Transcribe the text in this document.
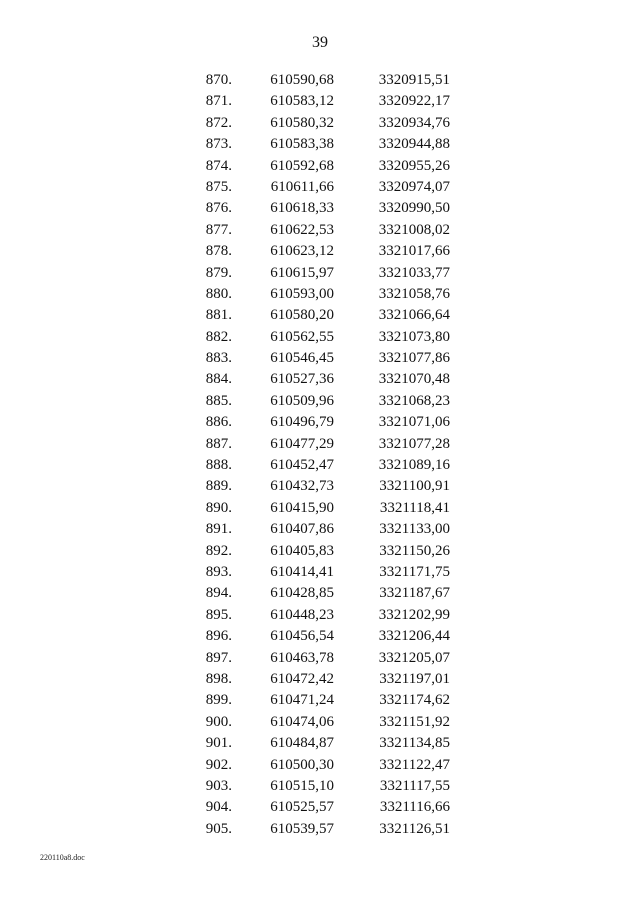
39
870.	610590,68	3320915,51
871.	610583,12	3320922,17
872.	610580,32	3320934,76
873.	610583,38	3320944,88
874.	610592,68	3320955,26
875.	610611,66	3320974,07
876.	610618,33	3320990,50
877.	610622,53	3321008,02
878.	610623,12	3321017,66
879.	610615,97	3321033,77
880.	610593,00	3321058,76
881.	610580,20	3321066,64
882.	610562,55	3321073,80
883.	610546,45	3321077,86
884.	610527,36	3321070,48
885.	610509,96	3321068,23
886.	610496,79	3321071,06
887.	610477,29	3321077,28
888.	610452,47	3321089,16
889.	610432,73	3321100,91
890.	610415,90	3321118,41
891.	610407,86	3321133,00
892.	610405,83	3321150,26
893.	610414,41	3321171,75
894.	610428,85	3321187,67
895.	610448,23	3321202,99
896.	610456,54	3321206,44
897.	610463,78	3321205,07
898.	610472,42	3321197,01
899.	610471,24	3321174,62
900.	610474,06	3321151,92
901.	610484,87	3321134,85
902.	610500,30	3321122,47
903.	610515,10	3321117,55
904.	610525,57	3321116,66
905.	610539,57	3321126,51
220110a8.doc
